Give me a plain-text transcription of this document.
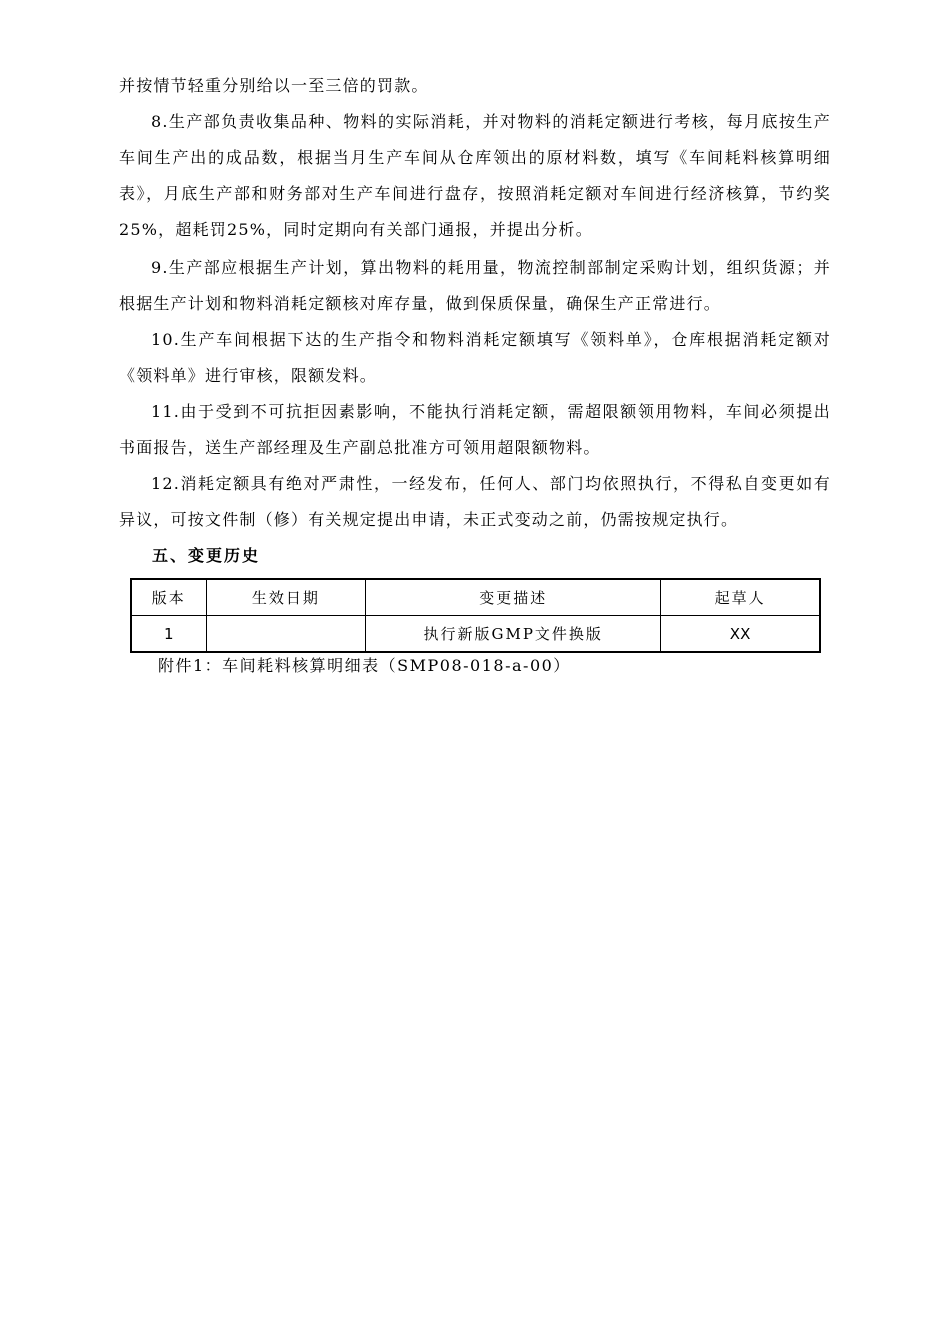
并按情节轻重分别给以一至三倍的罚款。
8.生产部负责收集品种、物料的实际消耗，并对物料的消耗定额进行考核，每月底按生产车间生产出的成品数，根据当月生产车间从仓库领出的原材料数，填写《车间耗料核算明细表》，月底生产部和财务部对生产车间进行盘存，按照消耗定额对车间进行经济核算，节约奖25%，超耗罚25%，同时定期向有关部门通报，并提出分析。
9.生产部应根据生产计划，算出物料的耗用量，物流控制部制定采购计划，组织货源；并根据生产计划和物料消耗定额核对库存量，做到保质保量，确保生产正常进行。
10.生产车间根据下达的生产指令和物料消耗定额填写《领料单》，仓库根据消耗定额对《领料单》进行审核，限额发料。
11.由于受到不可抗拒因素影响，不能执行消耗定额，需超限额领用物料，车间必须提出书面报告，送生产部经理及生产副总批准方可领用超限额物料。
12.消耗定额具有绝对严肃性，一经发布，任何人、部门均依照执行，不得私自变更如有异议，可按文件制（修）有关规定提出申请，未正式变动之前，仍需按规定执行。
五、变更历史
版本	生效日期	变更描述	起草人
1		执行新版GMP文件换版	XX
附件1：车间耗料核算明细表（SMP08-018-a-00）
